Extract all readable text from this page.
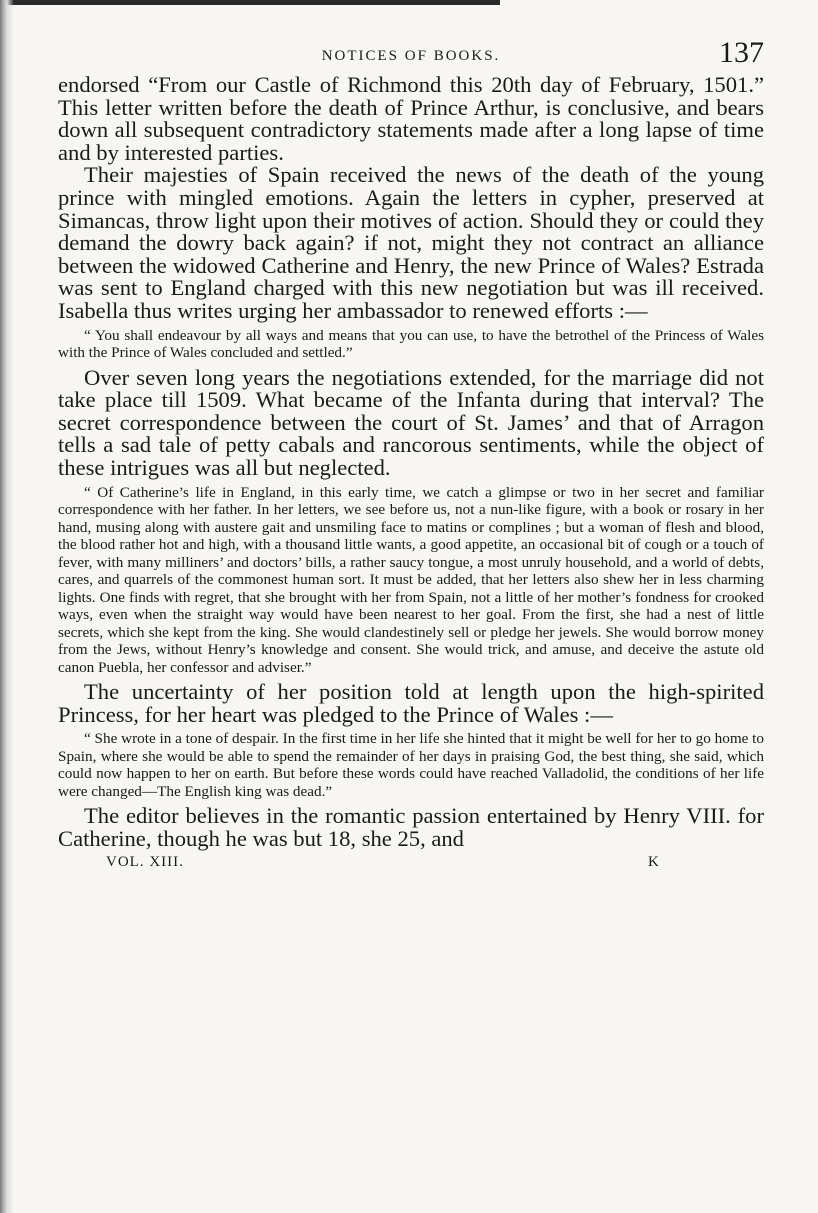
NOTICES OF BOOKS.	137

endorsed “From our Castle of Richmond this 20th day of February, 1501.” This letter written before the death of Prince Arthur, is conclusive, and bears down all subsequent contradictory statements made after a long lapse of time and by interested parties.

Their majesties of Spain received the news of the death of the young prince with mingled emotions. Again the letters in cypher, preserved at Simancas, throw light upon their motives of action. Should they or could they demand the dowry back again? if not, might they not contract an alliance between the widowed Catherine and Henry, the new Prince of Wales? Estrada was sent to England charged with this new negotiation but was ill received. Isabella thus writes urging her ambassador to renewed efforts :—

“ You shall endeavour by all ways and means that you can use, to have the betrothel of the Princess of Wales with the Prince of Wales concluded and settled.”

Over seven long years the negotiations extended, for the marriage did not take place till 1509. What became of the Infanta during that interval? The secret correspondence between the court of St. James’ and that of Arragon tells a sad tale of petty cabals and rancorous sentiments, while the object of these intrigues was all but neglected.

“ Of Catherine’s life in England, in this early time, we catch a glimpse or two in her secret and familiar correspondence with her father. In her letters, we see before us, not a nun-like figure, with a book or rosary in her hand, musing along with austere gait and unsmiling face to matins or complines ; but a woman of flesh and blood, the blood rather hot and high, with a thousand little wants, a good appetite, an occasional bit of cough or a touch of fever, with many milliners’ and doctors’ bills, a rather saucy tongue, a most unruly household, and a world of debts, cares, and quarrels of the commonest human sort. It must be added, that her letters also shew her in less charming lights. One finds with regret, that she brought with her from Spain, not a little of her mother’s fondness for crooked ways, even when the straight way would have been nearest to her goal. From the first, she had a nest of little secrets, which she kept from the king. She would clandestinely sell or pledge her jewels. She would borrow money from the Jews, without Henry’s knowledge and consent. She would trick, and amuse, and deceive the astute old canon Puebla, her confessor and adviser.”

The uncertainty of her position told at length upon the high-spirited Princess, for her heart was pledged to the Prince of Wales :—

“ She wrote in a tone of despair. In the first time in her life she hinted that it might be well for her to go home to Spain, where she would be able to spend the remainder of her days in praising God, the best thing, she said, which could now happen to her on earth. But before these words could have reached Valladolid, the conditions of her life were changed—The English king was dead.”

The editor believes in the romantic passion entertained by Henry VIII. for Catherine, though he was but 18, she 25, and

VOL. XIII.	K
